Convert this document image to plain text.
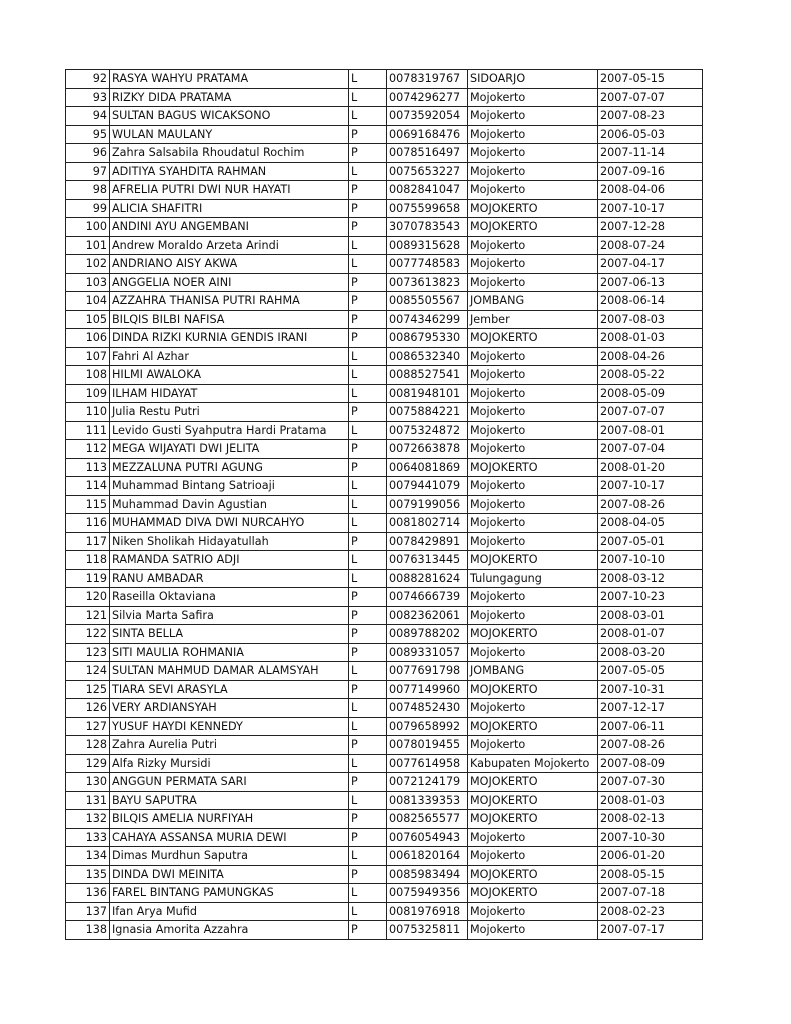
92	RASYA WAHYU PRATAMA	L	0078319767	SIDOARJO	2007-05-15
93	RIZKY DIDA PRATAMA	L	0074296277	Mojokerto	2007-07-07
94	SULTAN BAGUS WICAKSONO	L	0073592054	Mojokerto	2007-08-23
95	WULAN MAULANY	P	0069168476	Mojokerto	2006-05-03
96	Zahra Salsabila Rhoudatul Rochim	P	0078516497	Mojokerto	2007-11-14
97	ADITIYA SYAHDITA RAHMAN	L	0075653227	Mojokerto	2007-09-16
98	AFRELIA PUTRI DWI NUR HAYATI	P	0082841047	Mojokerto	2008-04-06
99	ALICIA SHAFITRI	P	0075599658	MOJOKERTO	2007-10-17
100	ANDINI AYU ANGEMBANI	P	3070783543	MOJOKERTO	2007-12-28
101	Andrew Moraldo Arzeta Arindi	L	0089315628	Mojokerto	2008-07-24
102	ANDRIANO AISY AKWA	L	0077748583	Mojokerto	2007-04-17
103	ANGGELIA NOER AINI	P	0073613823	Mojokerto	2007-06-13
104	AZZAHRA THANISA PUTRI RAHMA	P	0085505567	JOMBANG	2008-06-14
105	BILQIS BILBI NAFISA	P	0074346299	Jember	2007-08-03
106	DINDA RIZKI KURNIA GENDIS IRANI	P	0086795330	MOJOKERTO	2008-01-03
107	Fahri Al Azhar	L	0086532340	Mojokerto	2008-04-26
108	HILMI AWALOKA	L	0088527541	Mojokerto	2008-05-22
109	ILHAM HIDAYAT	L	0081948101	Mojokerto	2008-05-09
110	Julia Restu Putri	P	0075884221	Mojokerto	2007-07-07
111	Levido Gusti Syahputra Hardi Pratama	L	0075324872	Mojokerto	2007-08-01
112	MEGA WIJAYATI DWI JELITA	P	0072663878	Mojokerto	2007-07-04
113	MEZZALUNA PUTRI AGUNG	P	0064081869	MOJOKERTO	2008-01-20
114	Muhammad Bintang Satrioaji	L	0079441079	Mojokerto	2007-10-17
115	Muhammad Davin Agustian	L	0079199056	Mojokerto	2007-08-26
116	MUHAMMAD DIVA DWI NURCAHYO	L	0081802714	Mojokerto	2008-04-05
117	Niken Sholikah Hidayatullah	P	0078429891	Mojokerto	2007-05-01
118	RAMANDA SATRIO ADJI	L	0076313445	MOJOKERTO	2007-10-10
119	RANU AMBADAR	L	0088281624	Tulungagung	2008-03-12
120	Raseilla Oktaviana	P	0074666739	Mojokerto	2007-10-23
121	Silvia Marta Safira	P	0082362061	Mojokerto	2008-03-01
122	SINTA BELLA	P	0089788202	MOJOKERTO	2008-01-07
123	SITI MAULIA ROHMANIA	P	0089331057	Mojokerto	2008-03-20
124	SULTAN MAHMUD DAMAR ALAMSYAH	L	0077691798	JOMBANG	2007-05-05
125	TIARA SEVI ARASYLA	P	0077149960	MOJOKERTO	2007-10-31
126	VERY ARDIANSYAH	L	0074852430	Mojokerto	2007-12-17
127	YUSUF HAYDI KENNEDY	L	0079658992	MOJOKERTO	2007-06-11
128	Zahra Aurelia Putri	P	0078019455	Mojokerto	2007-08-26
129	Alfa Rizky Mursidi	L	0077614958	Kabupaten Mojokerto	2007-08-09
130	ANGGUN PERMATA SARI	P	0072124179	MOJOKERTO	2007-07-30
131	BAYU SAPUTRA	L	0081339353	MOJOKERTO	2008-01-03
132	BILQIS AMELIA NURFIYAH	P	0082565577	MOJOKERTO	2008-02-13
133	CAHAYA ASSANSA MURIA DEWI	P	0076054943	Mojokerto	2007-10-30
134	Dimas Murdhun Saputra	L	0061820164	Mojokerto	2006-01-20
135	DINDA DWI MEINITA	P	0085983494	MOJOKERTO	2008-05-15
136	FAREL BINTANG PAMUNGKAS	L	0075949356	MOJOKERTO	2007-07-18
137	Ifan Arya Mufid	L	0081976918	Mojokerto	2008-02-23
138	Ignasia Amorita Azzahra	P	0075325811	Mojokerto	2007-07-17
